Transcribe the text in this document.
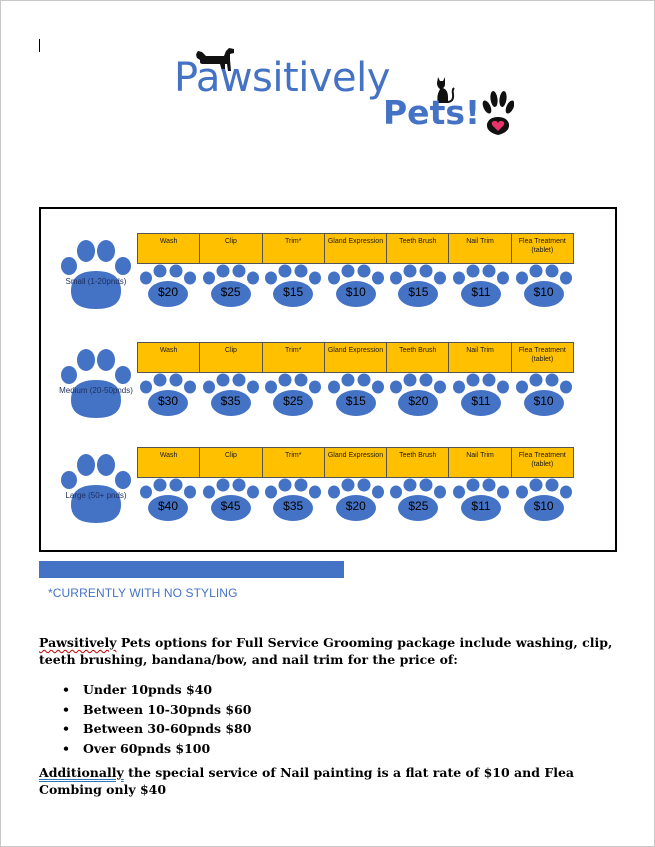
Pawsitively
Pets!
Small (1-20pnds)
Wash	Clip	Trim*	Gland Expression	Teeth Brush	Nail Trim	Flea Treatment (tablet)
$20	$25	$15	$10	$15	$11	$10
Medium (20-50pnds)
Wash	Clip	Trim*	Gland Expression	Teeth Brush	Nail Trim	Flea Treatment (tablet)
$30	$35	$25	$15	$20	$11	$10
Large (50+ pnds)
Wash	Clip	Trim*	Gland Expression	Teeth Brush	Nail Trim	Flea Treatment (tablet)
$40	$45	$35	$20	$25	$11	$10
*CURRENTLY WITH NO STYLING

Pawsitively Pets options for Full Service Grooming package include washing, clip, teeth brushing, bandana/bow, and nail trim for the price of:

• Under 10pnds $40
• Between 10-30pnds $60
• Between 30-60pnds $80
• Over 60pnds $100

Additionally the special service of Nail painting is a flat rate of $10 and Flea Combing only $40
